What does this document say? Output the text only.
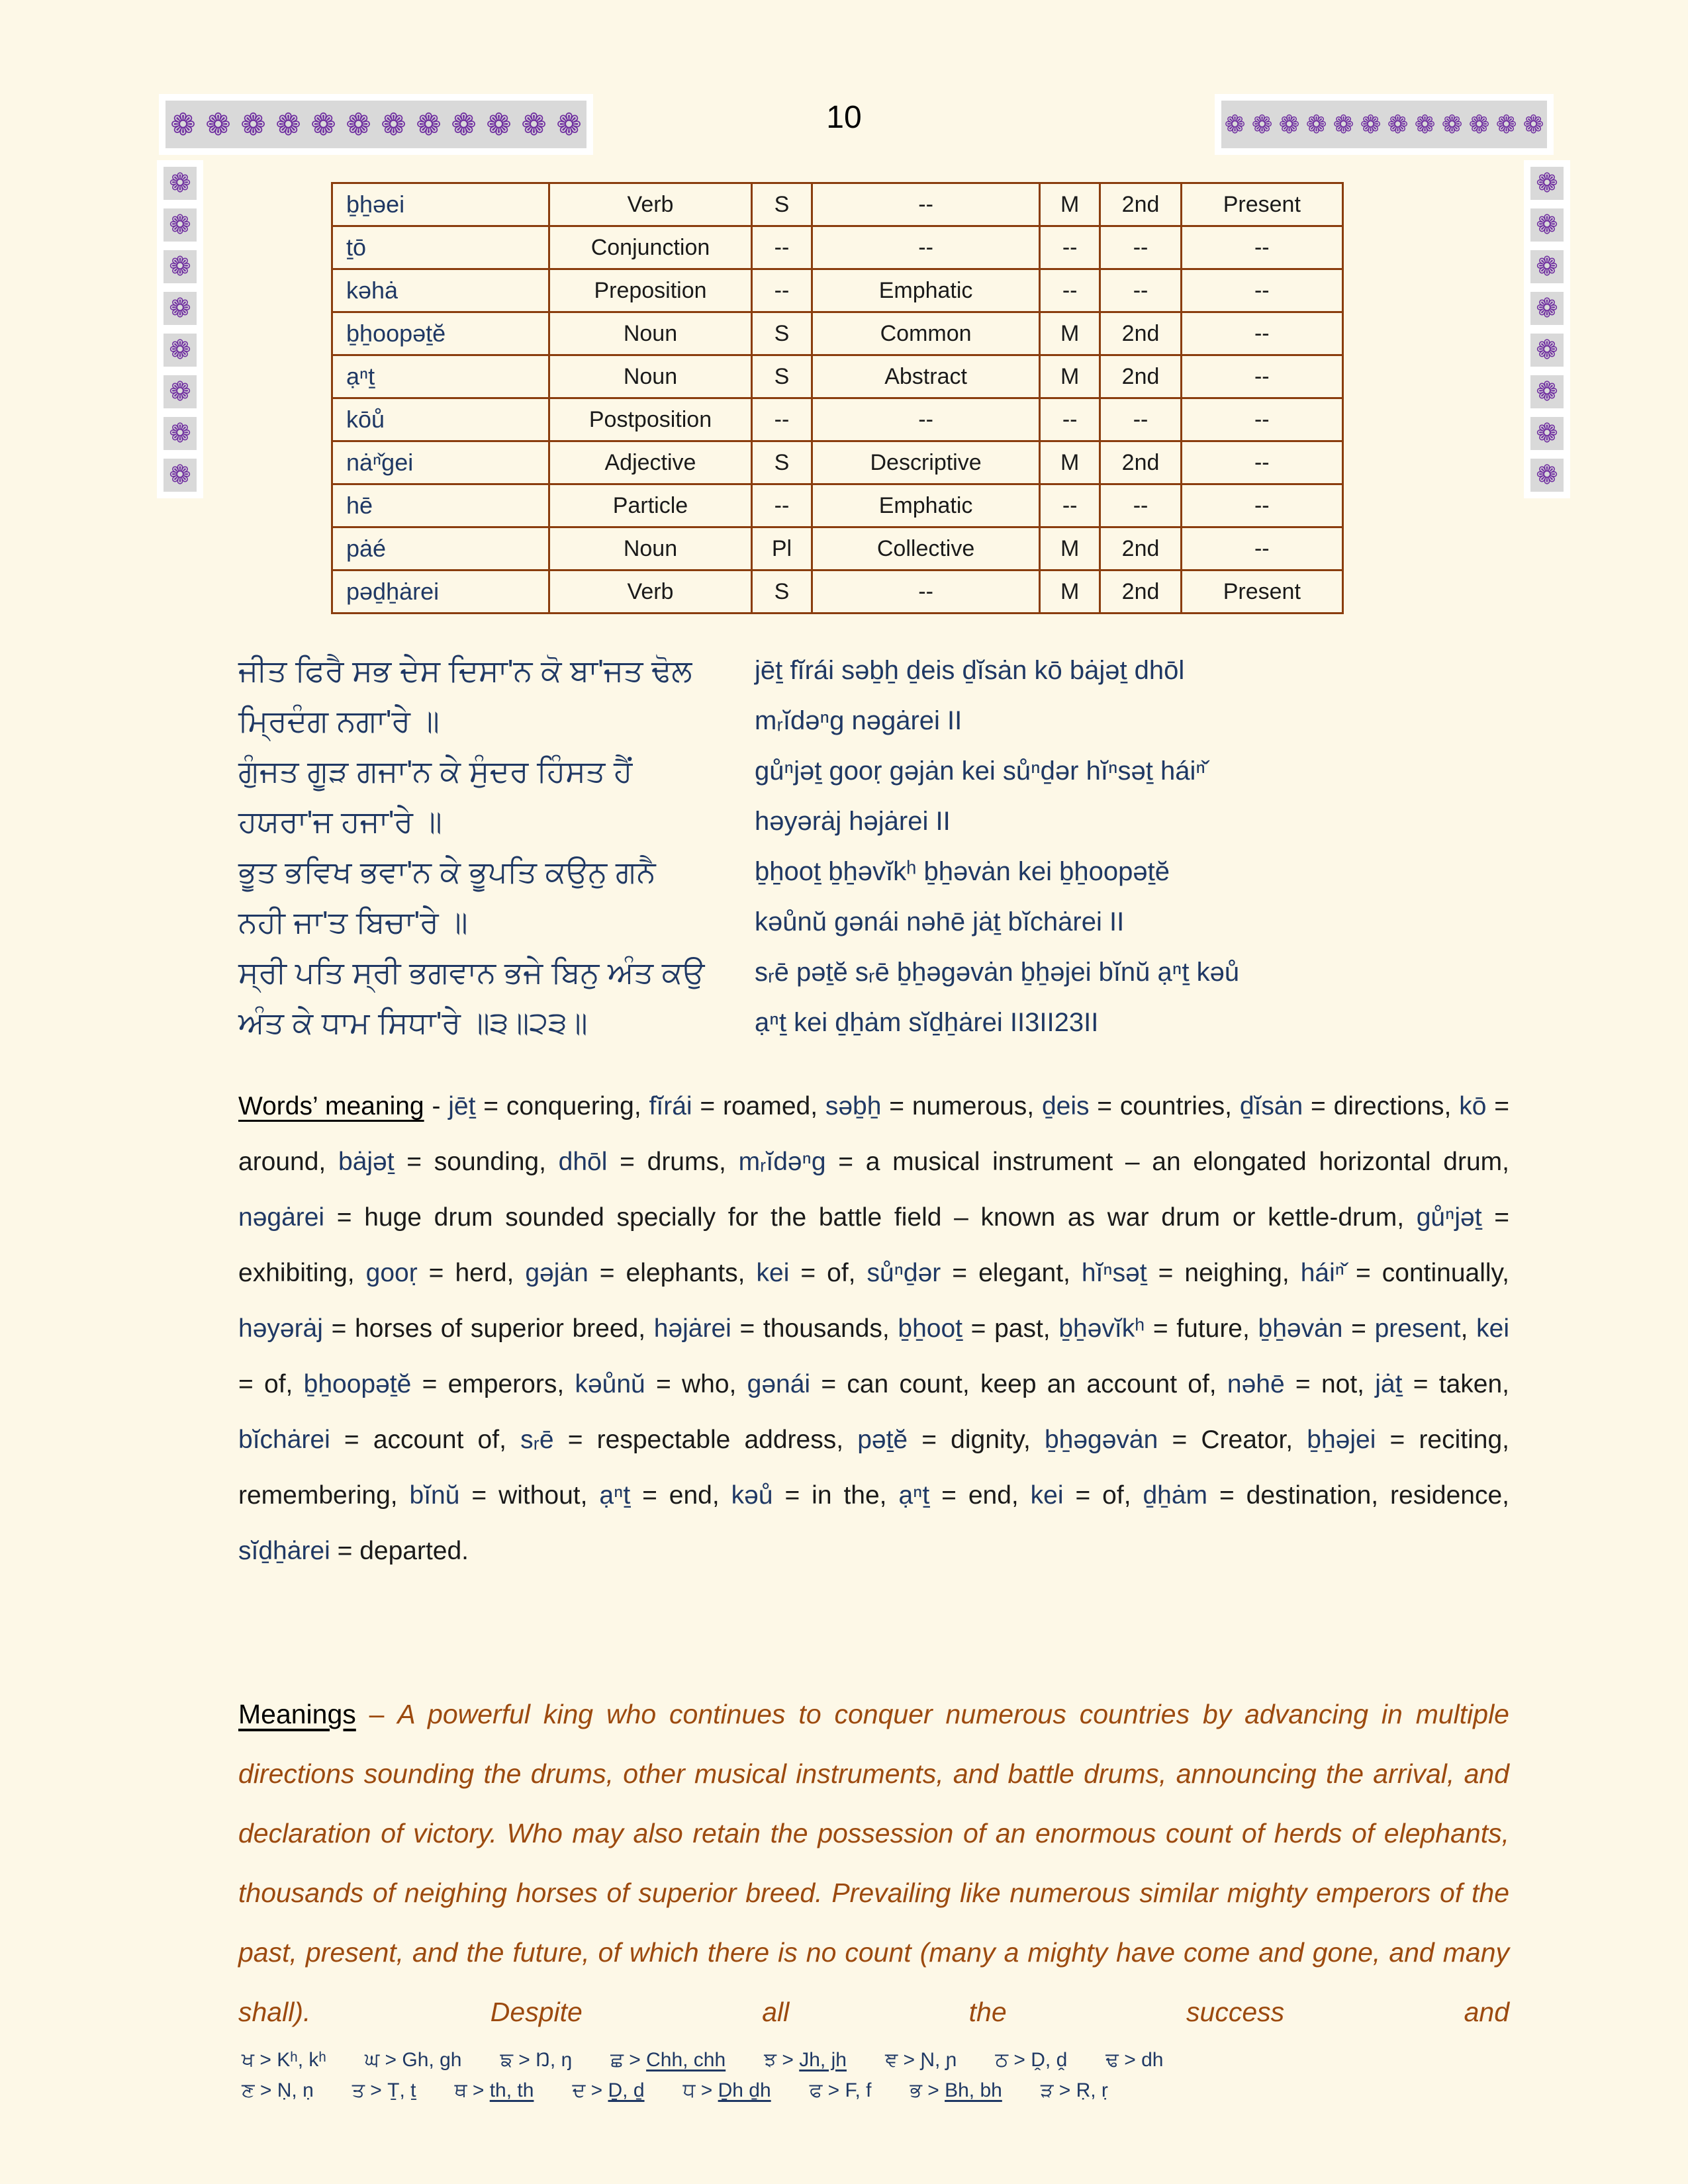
10
❁ ❁ ❁ ❁ ❁ ❁ ❁ ❁ ❁ ❁ ❁ ❁	❁ ❁ ❁ ❁ ❁ ❁ ❁ ❁ ❁ ❁ ❁ ❁
❁
❁
❁
❁
❁
❁
❁
❁
❁
❁
❁
❁
❁
❁
❁
❁
ḇẖəei	Verb	S	--	M	2nd	Present
ṯō	Conjunction	--	--	--	--	--
kəhȧ	Preposition	--	Emphatic	--	--	--
ḇẖoopəṯĕ	Noun	S	Common	M	2nd	--
ạⁿṯ	Noun	S	Abstract	M	2nd	--
kōů	Postposition	--	--	--	--	--
nȧⁿ̌gei	Adjective	S	Descriptive	M	2nd	--
hē	Particle	--	Emphatic	--	--	--
pȧé	Noun	Pl	Collective	M	2nd	--
pəḏẖȧrei	Verb	S	--	M	2nd	Present
ਜੀਤ ਫਿਰੈ ਸਭ ਦੇਸ ਦਿਸਾ'ਨ ਕੋ ਬਾ'ਜਤ ਢੋਲ
ਮ੍ਰਿਦੰਗ ਨਗਾ'ਰੇ ॥
ਗੁੰਜਤ ਗੂੜ ਗਜਾ'ਨ ਕੇ ਸੁੰਦਰ ਹਿੰਸਤ ਹੈਂ
ਹਯਰਾ'ਜ ਹਜਾ'ਰੇ ॥
ਭੂਤ ਭਵਿਖ ਭਵਾ'ਨ ਕੇ ਭੂਪਤਿ ਕਉਨੁ ਗਨੈ
ਨਹੀ ਜਾ'ਤ ਬਿਚਾ'ਰੇ ॥
ਸ੍ਰੀ ਪਤਿ ਸ੍ਰੀ ਭਗਵਾਨ ਭਜੇ ਬਿਨੁ ਅੰਤ ਕਉ
ਅੰਤ ਕੇ ਧਾਮ ਸਿਧਾ'ਰੇ ॥੩॥੨੩॥
jēṯ fĭrái səḇẖ ḏeis ḏĭsȧn kō bȧjəṯ dhōl
mᵣĭdəⁿg nəgȧrei II
gůⁿjəṯ gooṛ gəjȧn kei sůⁿḏər hĭⁿsəṯ háiⁿ̌
həyərȧj həjȧrei II
ḇẖooṯ ḇẖəvĭkʰ ḇẖəvȧn kei ḇẖoopəṯĕ
kəůnŭ gənái nəhē jȧṯ bĭchȧrei II
sᵣē pəṯĕ sᵣē ḇẖəgəvȧn ḇẖəjei bĭnŭ ạⁿṯ kəů
ạⁿṯ kei ḏẖȧm sĭḏẖȧrei II3II23II
Words’ meaning - jēṯ = conquering, fĭrái = roamed, səḇẖ = numerous, ḏeis = countries, ḏĭsȧn = directions, kō = around, bȧjəṯ = sounding, dhōl = drums, mᵣĭdəⁿg = a musical instrument – an elongated horizontal drum, nəgȧrei = huge drum sounded specially for the battle field – known as war drum or kettle-drum, gůⁿjəṯ = exhibiting, gooṛ = herd, gəjȧn = elephants, kei = of, sůⁿḏər = elegant, hĭⁿsəṯ = neighing, háiⁿ̌ = continually, həyərȧj = horses of superior breed, həjȧrei = thousands, ḇẖooṯ = past, ḇẖəvĭkʰ = future, ḇẖəvȧn = present, kei = of, ḇẖoopəṯĕ = emperors, kəůnŭ = who, gənái = can count, keep an account of, nəhē = not, jȧṯ = taken, bĭchȧrei = account of, sᵣē = respectable address, pəṯĕ = dignity, ḇẖəgəvȧn = Creator, ḇẖəjei = reciting, remembering, bĭnŭ = without, ạⁿṯ = end, kəů = in the, ạⁿṯ = end, kei = of, ḏẖȧm = destination, residence, sĭḏẖȧrei = departed.
Meanings – A powerful king who continues to conquer numerous countries by advancing in multiple directions sounding the drums, other musical instruments, and battle drums, announcing the arrival, and declaration of victory. Who may also retain the possession of an enormous count of herds of elephants, thousands of neighing horses of superior breed. Prevailing like numerous similar mighty emperors of the past, present, and the future, of which there is no count (many a mighty have come and gone, and many shall). Despite all the success and
ਖ > Kʰ, kʰ ਘ > Gh, gh ਙ > Ŋ, ŋ ਛ > Chh, chh ਝ > Jh, jh ਞ > Ɲ, ɲ ਠ > Ḓ, ḓ ਢ > dh
ਣ > Ṇ, ṇ ਤ > Ṯ, ṯ ਥ > th, th ਦ > Ḏ, ḏ ਧ > Ḏh ḏh ਫ > F, f ਭ > Bh, bh ੜ > Ṛ, ṛ
